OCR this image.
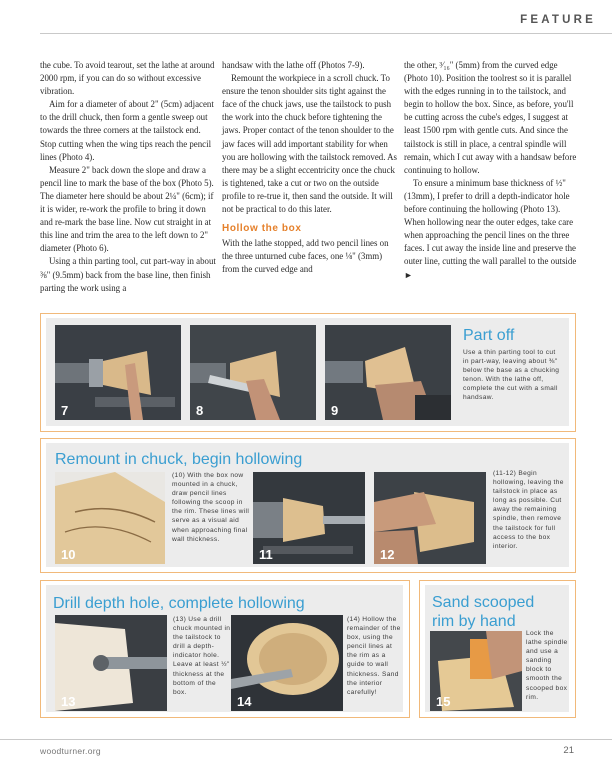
FEATURE

the cube. To avoid tearout, set the lathe at around 2000 rpm, if you can do so without excessive vibration.

Aim for a diameter of about 2" (5cm) adjacent to the drill chuck, then form a gentle sweep out towards the three corners at the tailstock end. Stop cutting when the wing tips reach the pencil lines (Photo 4).

Measure 2" back down the slope and draw a pencil line to mark the base of the box (Photo 5). The diameter here should be about 2¼" (6cm); if it is wider, re-work the profile to bring it down and re-mark the base line. Now cut straight in at this line and trim the area to the left down to 2" diameter (Photo 6).

Using a thin parting tool, cut part-way in about ⅜" (9.5mm) back from the base line, then finish parting the work using a

handsaw with the lathe off (Photos 7-9).

Remount the workpiece in a scroll chuck. To ensure the tenon shoulder sits tight against the face of the chuck jaws, use the tailstock to push the work into the chuck before tightening the jaws. Proper contact of the tenon shoulder to the jaw faces will add important stability for when you are hollowing with the tailstock removed. As there may be a slight eccentricity once the chuck is tightened, take a cut or two on the outside profile to re-true it, then sand the outside. It will not be practical to do this later.

Hollow the box

With the lathe stopped, add two pencil lines on the three unturned cube faces, one ⅛" (3mm) from the curved edge and

the other, ³⁄₁₆" (5mm) from the curved edge (Photo 10). Position the toolrest so it is parallel with the edges running in to the tailstock, and begin to hollow the box. Since, as before, you'll be cutting across the cube's edges, I suggest at least 1500 rpm with gentle cuts. And since the tailstock is still in place, a central spindle will remain, which I cut away with a handsaw before continuing to hollow.

To ensure a minimum base thickness of ½" (13mm), I prefer to drill a depth-indicator hole before continuing the hollowing (Photo 13). When hollowing near the outer edges, take care when approaching the pencil lines on the three faces. I cut away the inside line and preserve the outer line, cutting the wall parallel to the outside ►

7	8	9
Part off
Use a thin parting tool to cut in part-way, leaving about ⅜" below the base as a chucking tenon. With the lathe off, complete the cut with a small handsaw.
Remount in chuck, begin hollowing
10
(10) With the box now mounted in a chuck, draw pencil lines following the scoop in the rim. These lines will serve as a visual aid when approaching final wall thickness.
11	12
(11-12) Begin hollowing, leaving the tailstock in place as long as possible. Cut away the remaining spindle, then remove the tailstock for full access to the box interior.
Drill depth hole, complete hollowing
13
(13) Use a drill chuck mounted in the tailstock to drill a depth-indicator hole. Leave at least ½" thickness at the bottom of the box.
14
(14) Hollow the remainder of the box, using the pencil lines at the rim as a guide to wall thickness. Sand the interior carefully!
Sand scooped
rim by hand
15
Lock the lathe spindle and use a sanding block to smooth the scooped box rim.
woodturner.org	21
